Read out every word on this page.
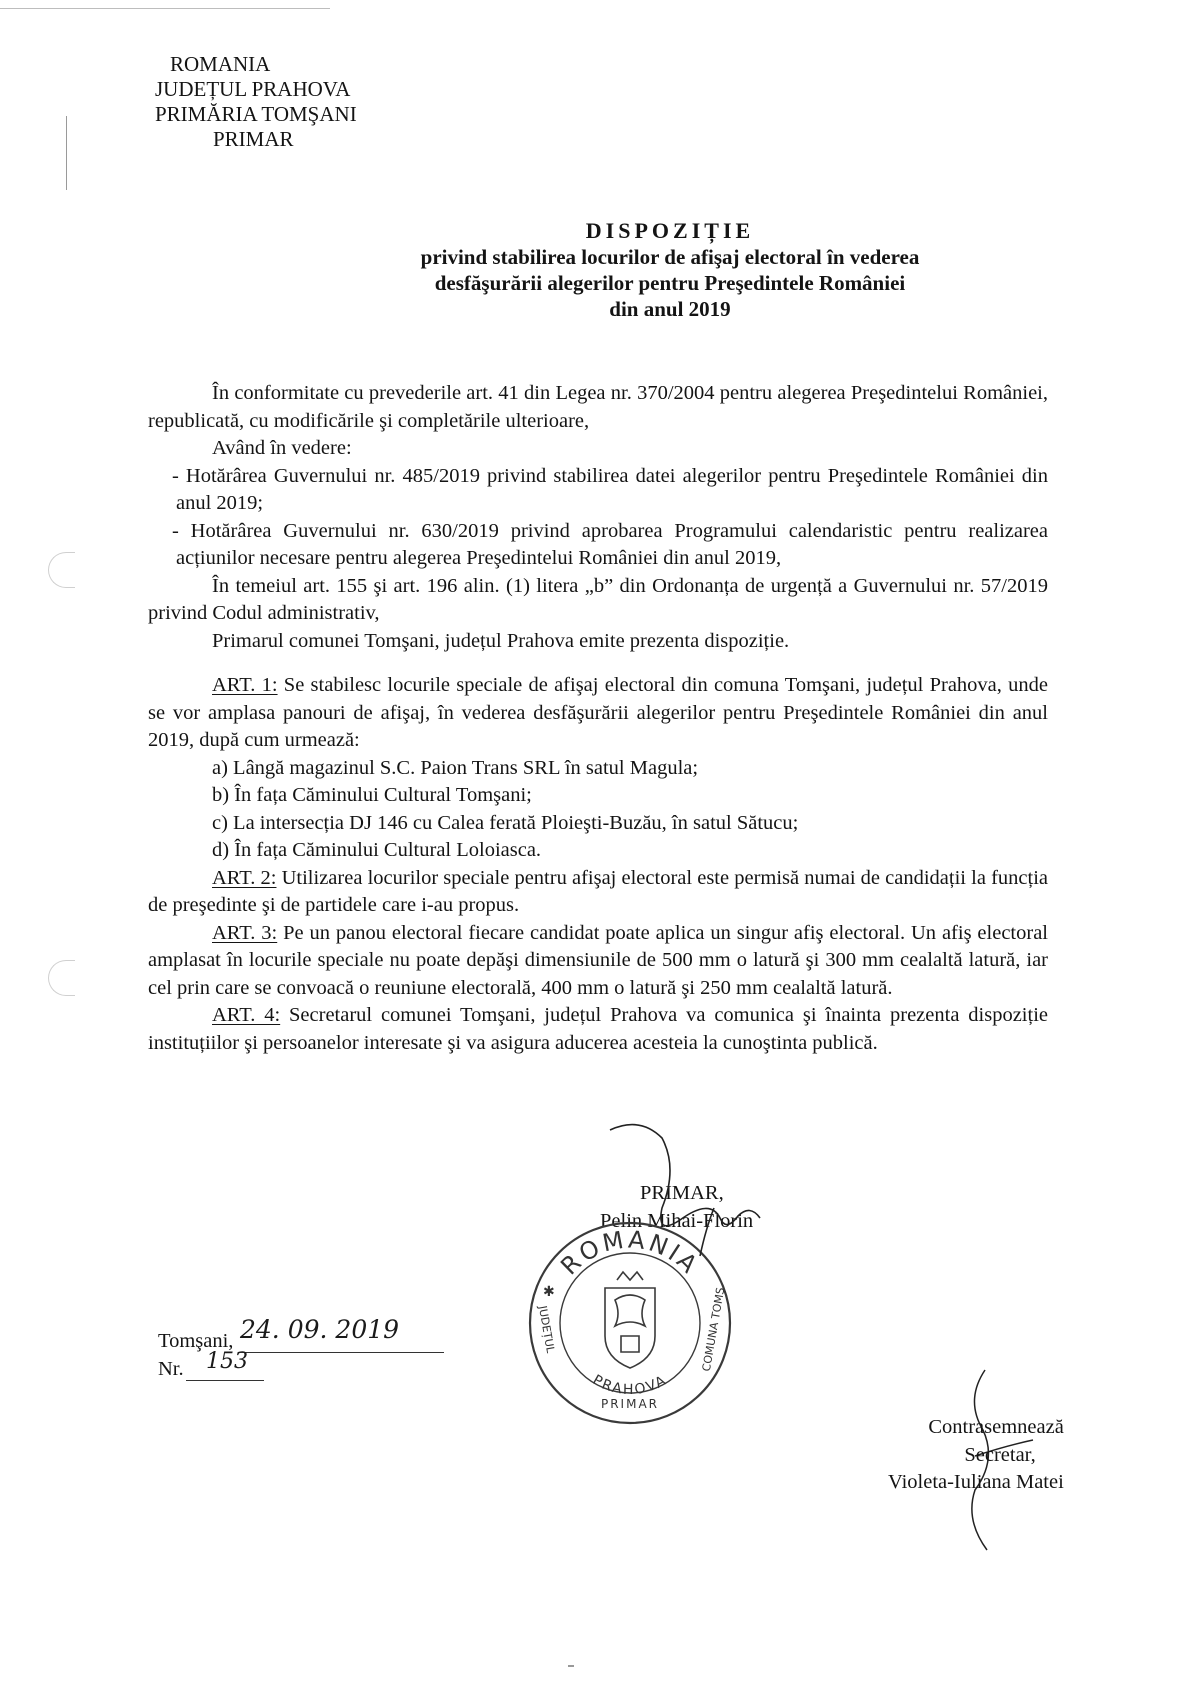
ROMANIA
JUDEȚUL PRAHOVA
PRIMĂRIA TOMŞANI
PRIMAR
DISPOZIȚIE
privind stabilirea locurilor de afişaj electoral în vederea
desfăşurării alegerilor pentru Preşedintele României
din anul 2019

În conformitate cu prevederile art. 41 din Legea nr. 370/2004 pentru alegerea Preşedintelui României, republicată, cu modificările şi completările ulterioare,

Având în vedere:

- Hotărârea Guvernului nr. 485/2019 privind stabilirea datei alegerilor pentru Preşedintele României din anul 2019;

- Hotărârea Guvernului nr. 630/2019 privind aprobarea Programului calendaristic pentru realizarea acțiunilor necesare pentru alegerea Preşedintelui României din anul 2019,

În temeiul art. 155 şi art. 196 alin. (1) litera „b” din Ordonanța de urgență a Guvernului nr. 57/2019 privind Codul administrativ,

Primarul comunei Tomşani, județul Prahova emite prezenta dispoziție.

ART. 1: Se stabilesc locurile speciale de afişaj electoral din comuna Tomşani, județul Prahova, unde se vor amplasa panouri de afişaj, în vederea desfăşurării alegerilor pentru Preşedintele României din anul 2019, după cum urmează:

a) Lângă magazinul S.C. Paion Trans SRL în satul Magula;
b) În fața Căminului Cultural Tomşani;
c) La intersecția DJ 146 cu Calea ferată Ploieşti-Buzău, în satul Sătucu;
d) În fața Căminului Cultural Loloiasca.

ART. 2: Utilizarea locurilor speciale pentru afişaj electoral este permisă numai de candidații la funcția de preşedinte şi de partidele care i-au propus.

ART. 3: Pe un panou electoral fiecare candidat poate aplica un singur afiş electoral. Un afiş electoral amplasat în locurile speciale nu poate depăşi dimensiunile de 500 mm o latură şi 300 mm cealaltă latură, iar cel prin care se convoacă o reuniune electorală, 400 mm o latură şi 250 mm cealaltă latură.

ART. 4: Secretarul comunei Tomşani, județul Prahova va comunica şi înainta prezenta dispoziție instituțiilor şi persoanelor interesate şi va asigura aducerea acesteia la cunoştinta publică.

PRIMAR,
Pelin Mihai-Florin
ROMANIA
PRAHOVA
JUDEȚUL	COMUNA TOMŞ
PRIMAR
✱
Tomşani, 24. 09. 2019
Nr. 153
Contrasemnează
Secretar,
Violeta-Iuliana Matei
